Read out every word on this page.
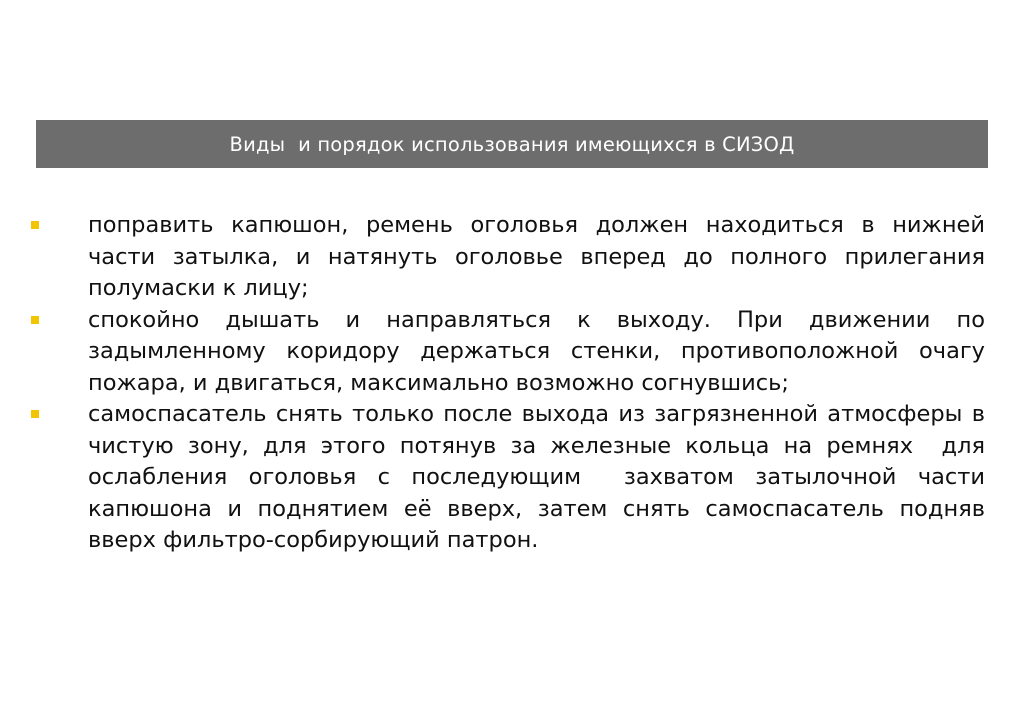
Виды  и порядок использования имеющихся в СИЗОД
поправить капюшон, ремень оголовья должен находиться в нижней части затылка, и натянуть оголовье вперед до полного прилегания полумаски к лицу;
спокойно дышать и направляться к выходу. При движении по задымленному коридору держаться стенки, противоположной очагу пожара, и двигаться, максимально возможно согнувшись;
самоспасатель снять только после выхода из загрязненной атмосферы в чистую зону, для этого потянув за железные кольца на ремнях  для ослабления оголовья с последующим  захватом затылочной части капюшона и поднятием её вверх, затем снять самоспасатель подняв вверх фильтро-сорбирующий патрон.
